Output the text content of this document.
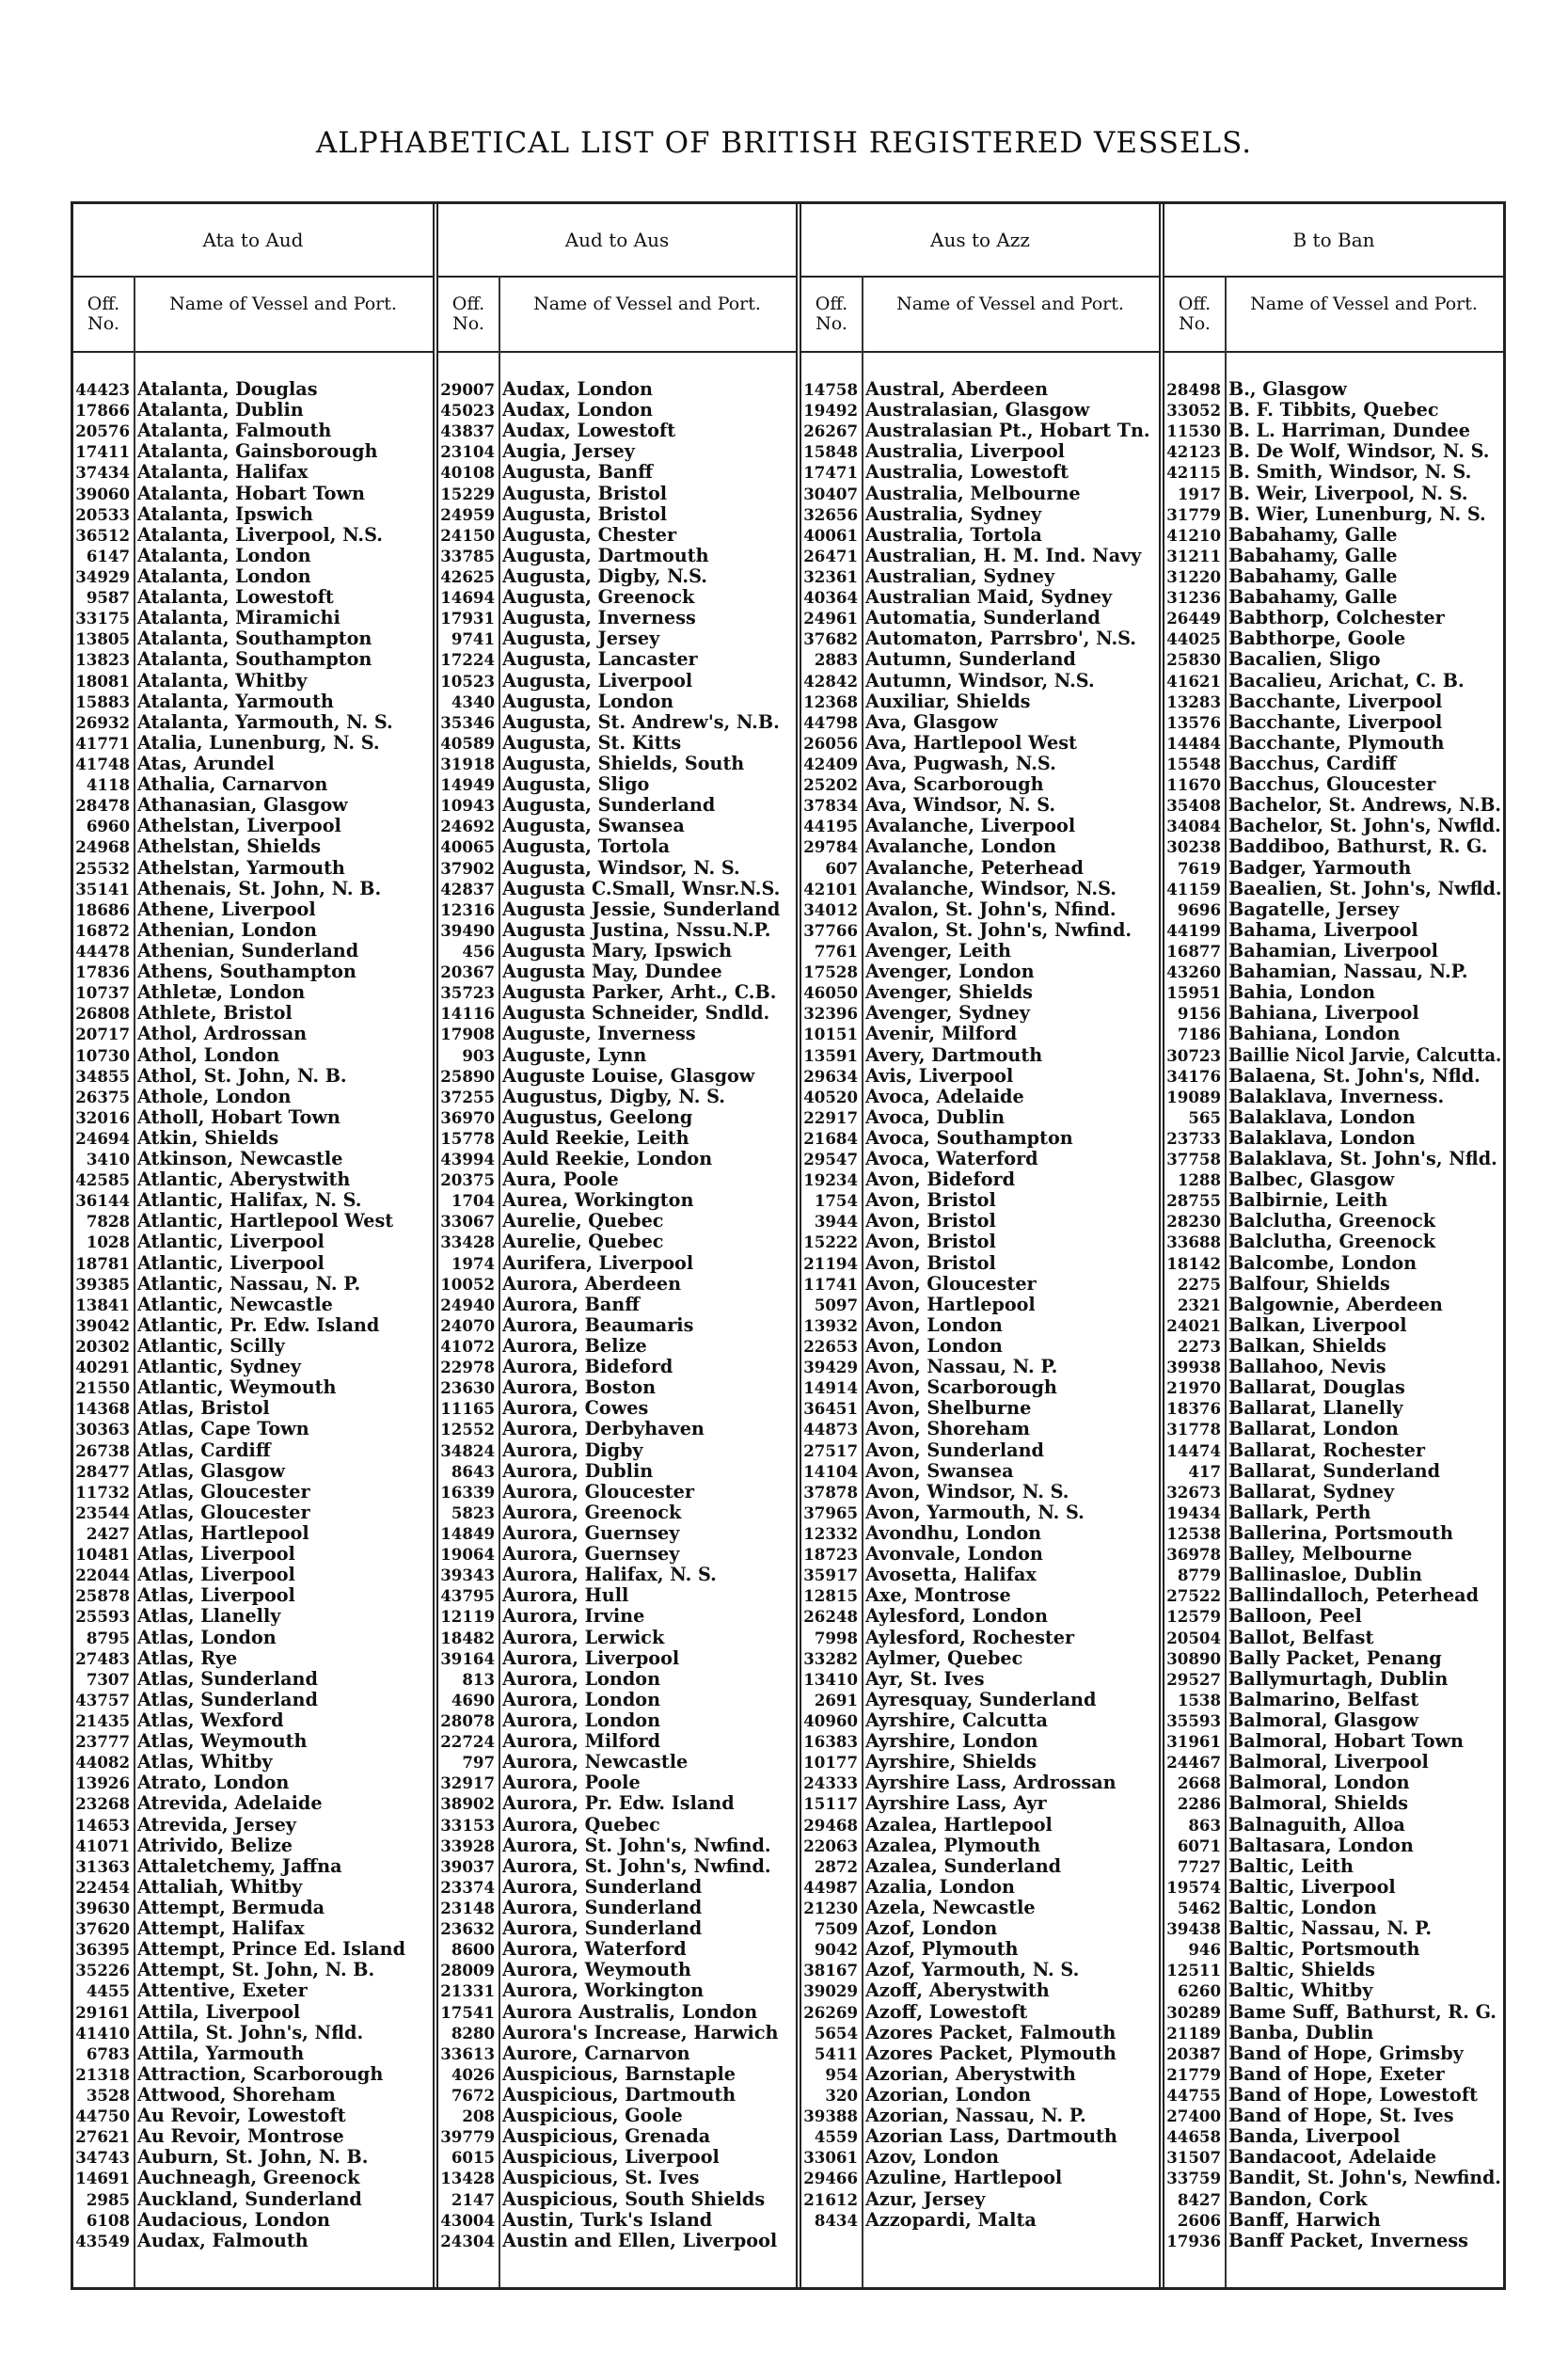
ALPHABETICAL LIST OF BRITISH REGISTERED VESSELS.
Ata to Aud
Off. No.
Name of Vessel and Port.
44423 Atalanta, Douglas
17866 Atalanta, Dublin
20576 Atalanta, Falmouth
17411 Atalanta, Gainsborough
37434 Atalanta, Halifax
39060 Atalanta, Hobart Town
20533 Atalanta, Ipswich
36512 Atalanta, Liverpool, N.S.
6147 Atalanta, London
34929 Atalanta, London
9587 Atalanta, Lowestoft
33175 Atalanta, Miramichi
13805 Atalanta, Southampton
13823 Atalanta, Southampton
18081 Atalanta, Whitby
15883 Atalanta, Yarmouth
26932 Atalanta, Yarmouth, N. S.
41771 Atalia, Lunenburg, N. S.
41748 Atas, Arundel
4118 Athalia, Carnarvon
28478 Athanasian, Glasgow
6960 Athelstan, Liverpool
24968 Athelstan, Shields
25532 Athelstan, Yarmouth
35141 Athenais, St. John, N. B.
18686 Athene, Liverpool
16872 Athenian, London
44478 Athenian, Sunderland
17836 Athens, Southampton
10737 Athletæ, London
26808 Athlete, Bristol
20717 Athol, Ardrossan
10730 Athol, London
34855 Athol, St. John, N. B.
26375 Athole, London
32016 Atholl, Hobart Town
24694 Atkin, Shields
3410 Atkinson, Newcastle
42585 Atlantic, Aberystwith
36144 Atlantic, Halifax, N. S.
7828 Atlantic, Hartlepool West
1028 Atlantic, Liverpool
18781 Atlantic, Liverpool
39385 Atlantic, Nassau, N. P.
13841 Atlantic, Newcastle
39042 Atlantic, Pr. Edw. Island
20302 Atlantic, Scilly
40291 Atlantic, Sydney
21550 Atlantic, Weymouth
14368 Atlas, Bristol
30363 Atlas, Cape Town
26738 Atlas, Cardiff
28477 Atlas, Glasgow
11732 Atlas, Gloucester
23544 Atlas, Gloucester
2427 Atlas, Hartlepool
10481 Atlas, Liverpool
22044 Atlas, Liverpool
25878 Atlas, Liverpool
25593 Atlas, Llanelly
8795 Atlas, London
27483 Atlas, Rye
7307 Atlas, Sunderland
43757 Atlas, Sunderland
21435 Atlas, Wexford
23777 Atlas, Weymouth
44082 Atlas, Whitby
13926 Atrato, London
23268 Atrevida, Adelaide
14653 Atrevida, Jersey
41071 Atrivido, Belize
31363 Attaletchemy, Jaffna
22454 Attaliah, Whitby
39630 Attempt, Bermuda
37620 Attempt, Halifax
36395 Attempt, Prince Ed. Island
35226 Attempt, St. John, N. B.
4455 Attentive, Exeter
29161 Attila, Liverpool
41410 Attila, St. John's, Nfld.
6783 Attila, Yarmouth
21318 Attraction, Scarborough
3528 Attwood, Shoreham
44750 Au Revoir, Lowestoft
27621 Au Revoir, Montrose
34743 Auburn, St. John, N. B.
14691 Auchneagh, Greenock
2985 Auckland, Sunderland
6108 Audacious, London
43549 Audax, Falmouth
Aud to Aus
Off. No.
Name of Vessel and Port.
29007 Audax, London
45023 Audax, London
43837 Audax, Lowestoft
23104 Augia, Jersey
40108 Augusta, Banff
15229 Augusta, Bristol
24959 Augusta, Bristol
24150 Augusta, Chester
33785 Augusta, Dartmouth
42625 Augusta, Digby, N.S.
14694 Augusta, Greenock
17931 Augusta, Inverness
9741 Augusta, Jersey
17224 Augusta, Lancaster
10523 Augusta, Liverpool
4340 Augusta, London
35346 Augusta, St. Andrew's, N.B.
40589 Augusta, St. Kitts
31918 Augusta, Shields, South
14949 Augusta, Sligo
10943 Augusta, Sunderland
24692 Augusta, Swansea
40065 Augusta, Tortola
37902 Augusta, Windsor, N. S.
42837 Augusta C.Small, Wnsr.N.S.
12316 Augusta Jessie, Sunderland
39490 Augusta Justina, Nssu.N.P.
456 Augusta Mary, Ipswich
20367 Augusta May, Dundee
35723 Augusta Parker, Arht., C.B.
14116 Augusta Schneider, Sndld.
17908 Auguste, Inverness
903 Auguste, Lynn
25890 Auguste Louise, Glasgow
37255 Augustus, Digby, N. S.
36970 Augustus, Geelong
15778 Auld Reekie, Leith
43994 Auld Reekie, London
20375 Aura, Poole
1704 Aurea, Workington
33067 Aurelie, Quebec
33428 Aurelie, Quebec
1974 Aurifera, Liverpool
10052 Aurora, Aberdeen
24940 Aurora, Banff
24070 Aurora, Beaumaris
41072 Aurora, Belize
22978 Aurora, Bideford
23630 Aurora, Boston
11165 Aurora, Cowes
12552 Aurora, Derbyhaven
34824 Aurora, Digby
8643 Aurora, Dublin
16339 Aurora, Gloucester
5823 Aurora, Greenock
14849 Aurora, Guernsey
19064 Aurora, Guernsey
39343 Aurora, Halifax, N. S.
43795 Aurora, Hull
12119 Aurora, Irvine
18482 Aurora, Lerwick
39164 Aurora, Liverpool
813 Aurora, London
4690 Aurora, London
28078 Aurora, London
22724 Aurora, Milford
797 Aurora, Newcastle
32917 Aurora, Poole
38902 Aurora, Pr. Edw. Island
33153 Aurora, Quebec
33928 Aurora, St. John's, Nwfind.
39037 Aurora, St. John's, Nwfind.
23374 Aurora, Sunderland
23148 Aurora, Sunderland
23632 Aurora, Sunderland
8600 Aurora, Waterford
28009 Aurora, Weymouth
21331 Aurora, Workington
17541 Aurora Australis, London
8280 Aurora's Increase, Harwich
33613 Aurore, Carnarvon
4026 Auspicious, Barnstaple
7672 Auspicious, Dartmouth
208 Auspicious, Goole
39779 Auspicious, Grenada
6015 Auspicious, Liverpool
13428 Auspicious, St. Ives
2147 Auspicious, South Shields
43004 Austin, Turk's Island
24304 Austin and Ellen, Liverpool
Aus to Azz
Off. No.
Name of Vessel and Port.
14758 Austral, Aberdeen
19492 Australasian, Glasgow
26267 Australasian Pt., Hobart Tn.
15848 Australia, Liverpool
17471 Australia, Lowestoft
30407 Australia, Melbourne
32656 Australia, Sydney
40061 Australia, Tortola
26471 Australian, H. M. Ind. Navy
32361 Australian, Sydney
40364 Australian Maid, Sydney
24961 Automatia, Sunderland
37682 Automaton, Parrsbro', N.S.
2883 Autumn, Sunderland
42842 Autumn, Windsor, N.S.
12368 Auxiliar, Shields
44798 Ava, Glasgow
26056 Ava, Hartlepool West
42409 Ava, Pugwash, N.S.
25202 Ava, Scarborough
37834 Ava, Windsor, N. S.
44195 Avalanche, Liverpool
29784 Avalanche, London
607 Avalanche, Peterhead
42101 Avalanche, Windsor, N.S.
34012 Avalon, St. John's, Nfind.
37766 Avalon, St. John's, Nwfind.
7761 Avenger, Leith
17528 Avenger, London
46050 Avenger, Shields
32396 Avenger, Sydney
10151 Avenir, Milford
13591 Avery, Dartmouth
29634 Avis, Liverpool
40520 Avoca, Adelaide
22917 Avoca, Dublin
21684 Avoca, Southampton
29547 Avoca, Waterford
19234 Avon, Bideford
1754 Avon, Bristol
3944 Avon, Bristol
15222 Avon, Bristol
21194 Avon, Bristol
11741 Avon, Gloucester
5097 Avon, Hartlepool
13932 Avon, London
22653 Avon, London
39429 Avon, Nassau, N. P.
14914 Avon, Scarborough
36451 Avon, Shelburne
44873 Avon, Shoreham
27517 Avon, Sunderland
14104 Avon, Swansea
37878 Avon, Windsor, N. S.
37965 Avon, Yarmouth, N. S.
12332 Avondhu, London
18723 Avonvale, London
35917 Avosetta, Halifax
12815 Axe, Montrose
26248 Aylesford, London
7998 Aylesford, Rochester
33282 Aylmer, Quebec
13410 Ayr, St. Ives
2691 Ayresquay, Sunderland
40960 Ayrshire, Calcutta
16383 Ayrshire, London
10177 Ayrshire, Shields
24333 Ayrshire Lass, Ardrossan
15117 Ayrshire Lass, Ayr
29468 Azalea, Hartlepool
22063 Azalea, Plymouth
2872 Azalea, Sunderland
44987 Azalia, London
21230 Azela, Newcastle
7509 Azof, London
9042 Azof, Plymouth
38167 Azof, Yarmouth, N. S.
39029 Azoff, Aberystwith
26269 Azoff, Lowestoft
5654 Azores Packet, Falmouth
5411 Azores Packet, Plymouth
954 Azorian, Aberystwith
320 Azorian, London
39388 Azorian, Nassau, N. P.
4559 Azorian Lass, Dartmouth
33061 Azov, London
29466 Azuline, Hartlepool
21612 Azur, Jersey
8434 Azzopardi, Malta
B to Ban
Off. No.
Name of Vessel and Port.
28498 B., Glasgow
33052 B. F. Tibbits, Quebec
11530 B. L. Harriman, Dundee
42123 B. De Wolf, Windsor, N. S.
42115 B. Smith, Windsor, N. S.
1917 B. Weir, Liverpool, N. S.
31779 B. Wier, Lunenburg, N. S.
41210 Babahamy, Galle
31211 Babahamy, Galle
31220 Babahamy, Galle
31236 Babahamy, Galle
26449 Babthorp, Colchester
44025 Babthorpe, Goole
25830 Bacalien, Sligo
41621 Bacalieu, Arichat, C. B.
13283 Bacchante, Liverpool
13576 Bacchante, Liverpool
14484 Bacchante, Plymouth
15548 Bacchus, Cardiff
11670 Bacchus, Gloucester
35408 Bachelor, St. Andrews, N.B.
34084 Bachelor, St. John's, Nwfld.
30238 Baddiboo, Bathurst, R. G.
7619 Badger, Yarmouth
41159 Baealien, St. John's, Nwfld.
9696 Bagatelle, Jersey
44199 Bahama, Liverpool
16877 Bahamian, Liverpool
43260 Bahamian, Nassau, N.P.
15951 Bahia, London
9156 Bahiana, Liverpool
7186 Bahiana, London
30723 Baillie Nicol Jarvie, Calcutta.
34176 Balaena, St. John's, Nfld.
19089 Balaklava, Inverness.
565 Balaklava, London
23733 Balaklava, London
37758 Balaklava, St. John's, Nfld.
1288 Balbec, Glasgow
28755 Balbirnie, Leith
28230 Balclutha, Greenock
33688 Balclutha, Greenock
18142 Balcombe, London
2275 Balfour, Shields
2321 Balgownie, Aberdeen
24021 Balkan, Liverpool
2273 Balkan, Shields
39938 Ballahoo, Nevis
21970 Ballarat, Douglas
18376 Ballarat, Llanelly
31778 Ballarat, London
14474 Ballarat, Rochester
417 Ballarat, Sunderland
32673 Ballarat, Sydney
19434 Ballark, Perth
12538 Ballerina, Portsmouth
36978 Balley, Melbourne
8779 Ballinasloe, Dublin
27522 Ballindalloch, Peterhead
12579 Balloon, Peel
20504 Ballot, Belfast
30890 Bally Packet, Penang
29527 Ballymurtagh, Dublin
1538 Balmarino, Belfast
35593 Balmoral, Glasgow
31961 Balmoral, Hobart Town
24467 Balmoral, Liverpool
2668 Balmoral, London
2286 Balmoral, Shields
863 Balnaguith, Alloa
6071 Baltasara, London
7727 Baltic, Leith
19574 Baltic, Liverpool
5462 Baltic, London
39438 Baltic, Nassau, N. P.
946 Baltic, Portsmouth
12511 Baltic, Shields
6260 Baltic, Whitby
30289 Bame Suff, Bathurst, R. G.
21189 Banba, Dublin
20387 Band of Hope, Grimsby
21779 Band of Hope, Exeter
44755 Band of Hope, Lowestoft
27400 Band of Hope, St. Ives
44658 Banda, Liverpool
31507 Bandacoot, Adelaide
33759 Bandit, St. John's, Newfind.
8427 Bandon, Cork
2606 Banff, Harwich
17936 Banff Packet, Inverness
